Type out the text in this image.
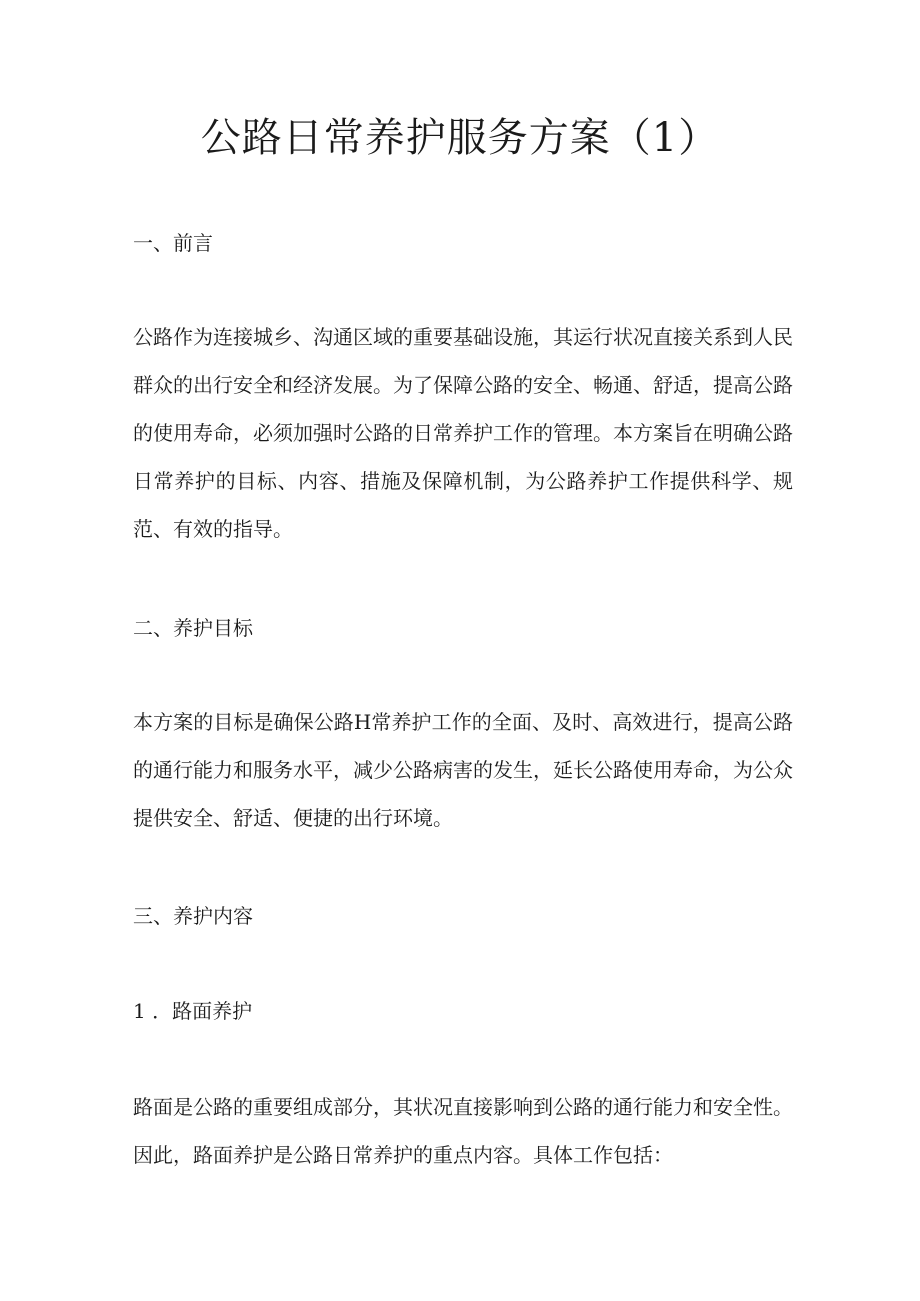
公路日常养护服务方案（1）
一、前言

公路作为连接城乡、沟通区域的重要基础设施，其运行状况直接关系到人民群众的出行安全和经济发展。为了保障公路的安全、畅通、舒适，提高公路的使用寿命，必须加强时公路的日常养护工作的管理。本方案旨在明确公路日常养护的目标、内容、措施及保障机制，为公路养护工作提供科学、规范、有效的指导。

二、养护目标

本方案的目标是确保公路H常养护工作的全面、及时、高效进行，提高公路的通行能力和服务水平，减少公路病害的发生，延长公路使用寿命，为公众提供安全、舒适、便捷的出行环境。

三、养护内容
1 ．路面养护

路面是公路的重要组成部分，其状况直接影响到公路的通行能力和安全性。因此，路面养护是公路日常养护的重点内容。具体工作包括：
